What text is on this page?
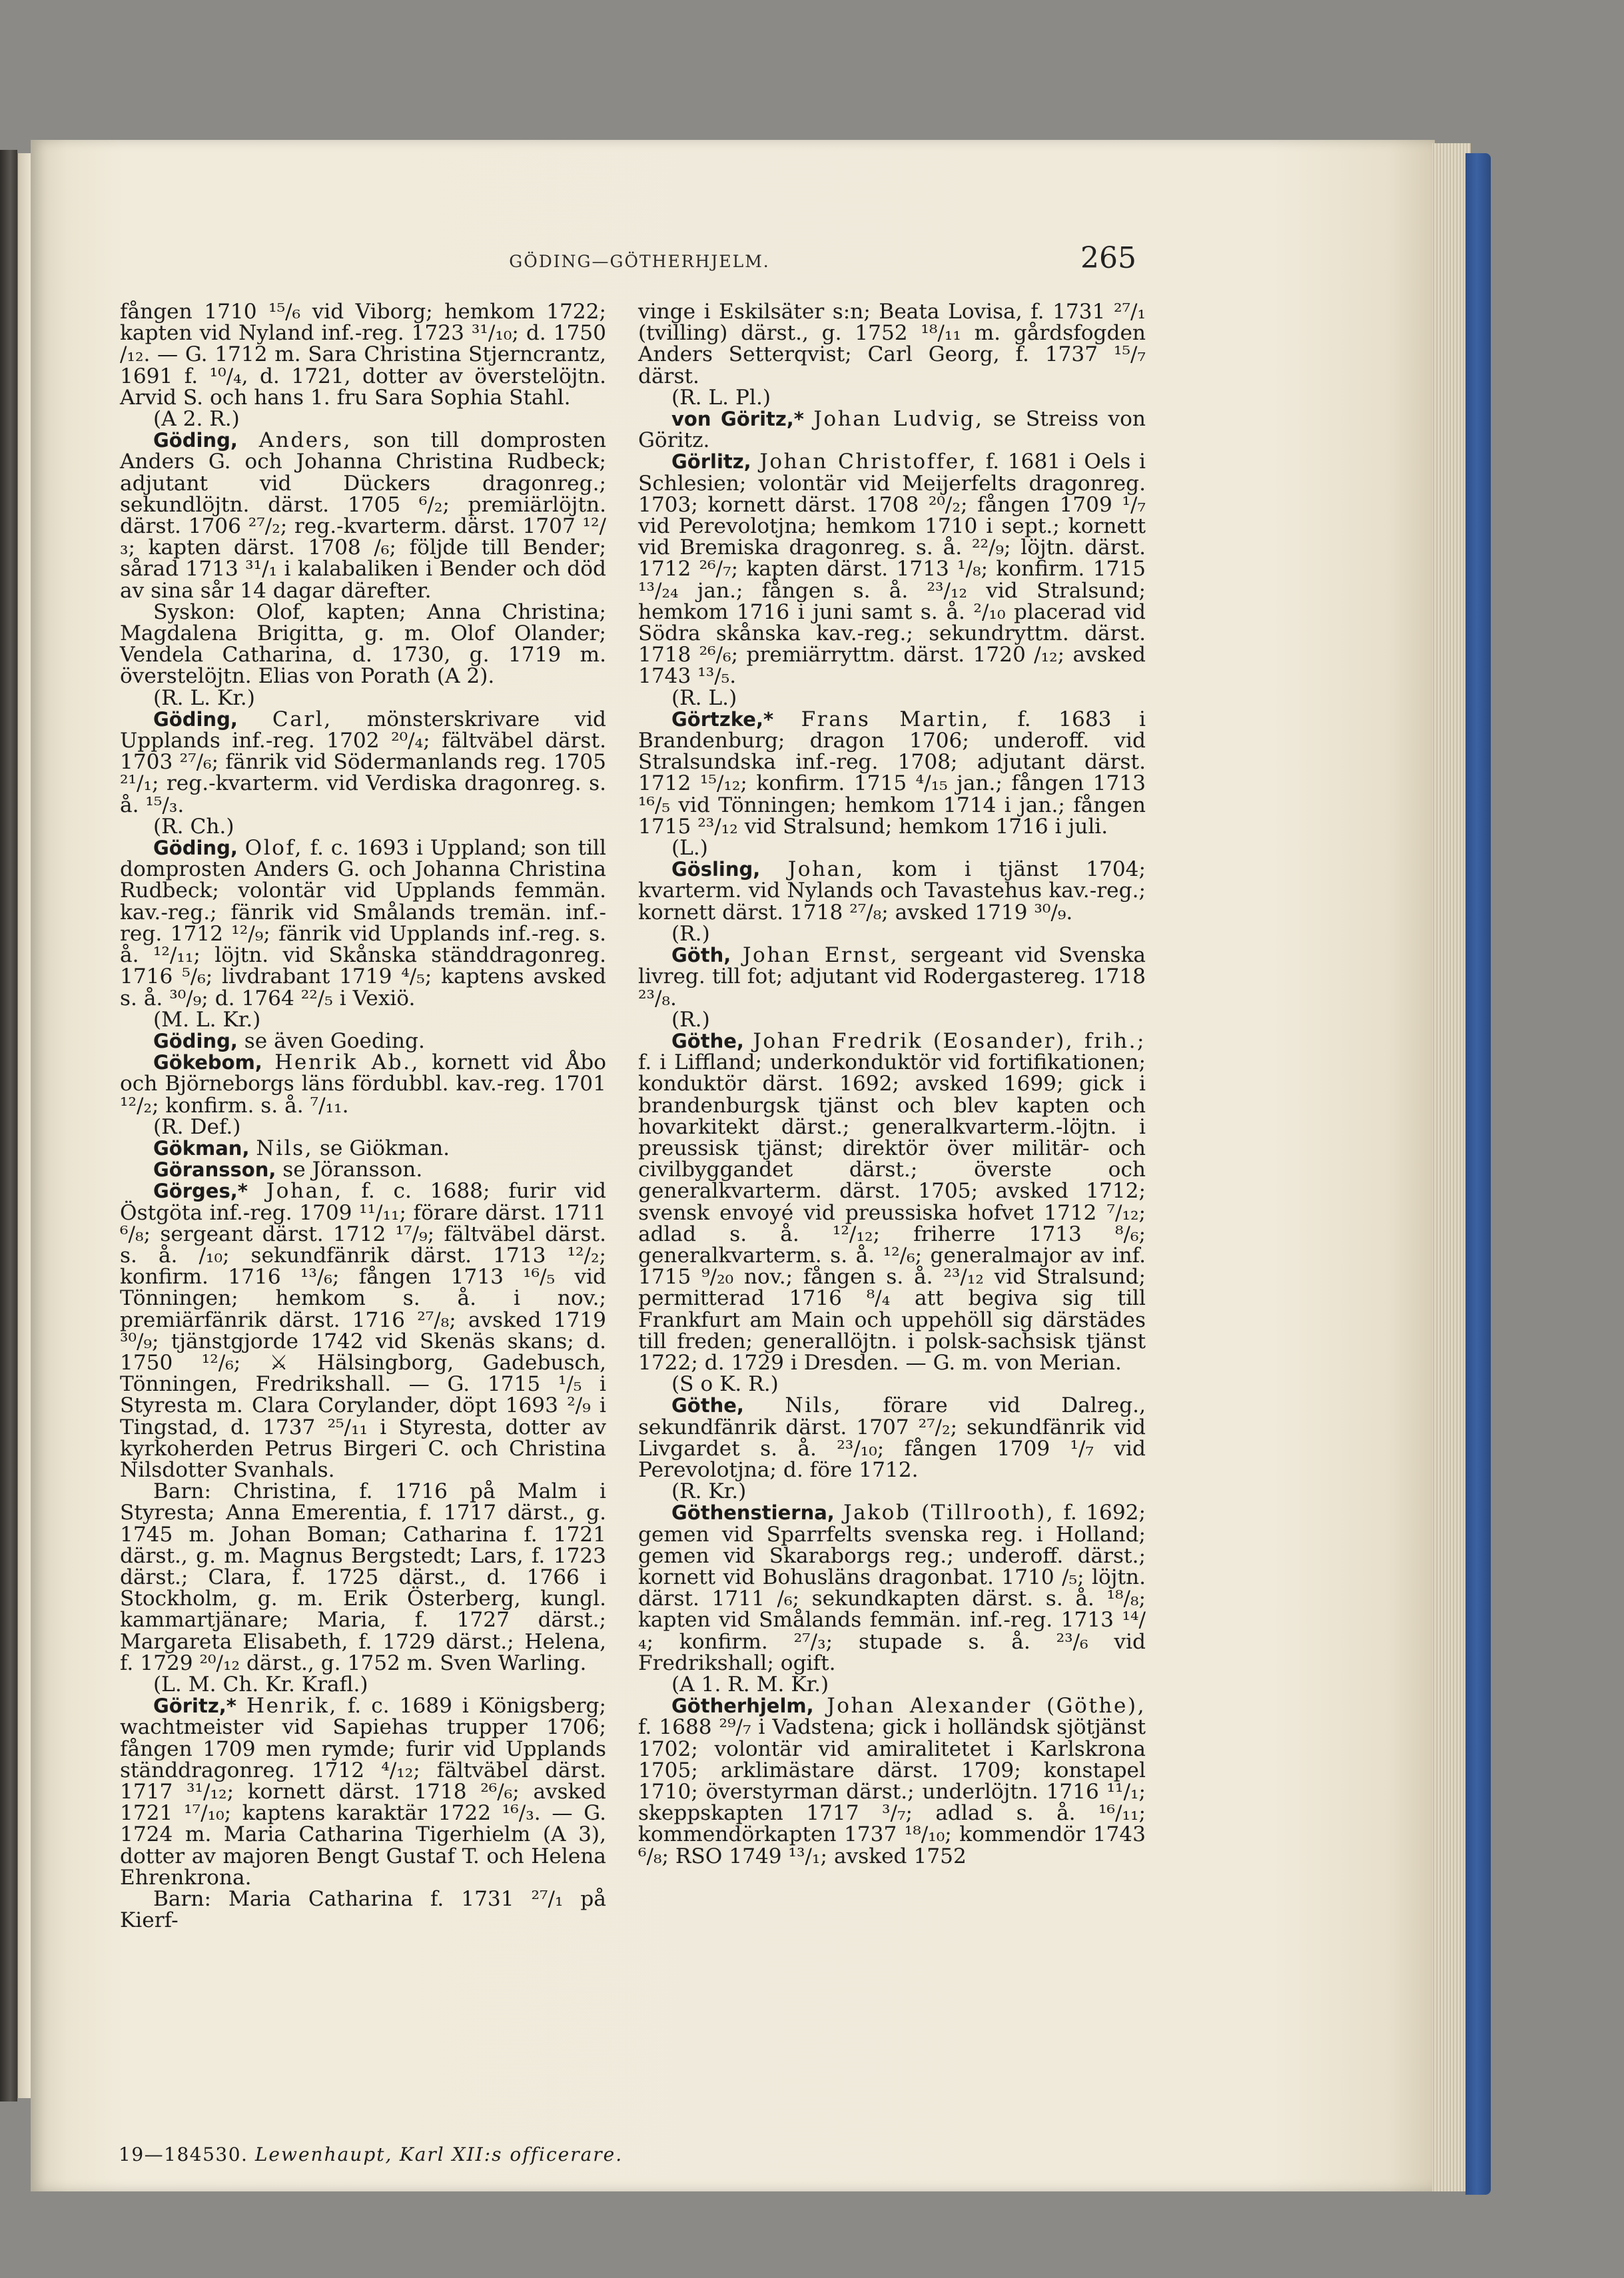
GÖDING—GÖTHERHJELM.	265

fången 1710 ¹⁵/₆ vid Viborg; hemkom 1722; kapten vid Nyland inf.-reg. 1723 ³¹/₁₀; d. 1750 /₁₂. — G. 1712 m. Sara Christina Stjerncrantz, 1691 f. ¹⁰/₄, d. 1721, dotter av överstelöjtn. Arvid S. och hans 1. fru Sara Sophia Stahl.

(A 2. R.)

Göding, Anders, son till domprosten Anders G. och Johanna Christina Rudbeck; adjutant vid Dückers dragonreg.; sekundlöjtn. därst. 1705 ⁶/₂; premiärlöjtn. därst. 1706 ²⁷/₂; reg.-kvarterm. därst. 1707 ¹²/₃; kapten därst. 1708 /₆; följde till Bender; sårad 1713 ³¹/₁ i kalabaliken i Bender och död av sina sår 14 dagar därefter.

Syskon: Olof, kapten; Anna Christina; Magdalena Brigitta, g. m. Olof Olander; Vendela Catharina, d. 1730, g. 1719 m. överstelöjtn. Elias von Porath (A 2).

(R. L. Kr.)

Göding, Carl, mönsterskrivare vid Upplands inf.-reg. 1702 ²⁰/₄; fältväbel därst. 1703 ²⁷/₆; fänrik vid Södermanlands reg. 1705 ²¹/₁; reg.-kvarterm. vid Verdiska dragonreg. s. å. ¹⁵/₃.

(R. Ch.)

Göding, Olof, f. c. 1693 i Uppland; son till domprosten Anders G. och Johanna Christina Rudbeck; volontär vid Upplands femmän. kav.-reg.; fänrik vid Smålands tremän. inf.-reg. 1712 ¹²/₉; fänrik vid Upplands inf.-reg. s. å. ¹²/₁₁; löjtn. vid Skånska ständdragonreg. 1716 ⁵/₆; livdrabant 1719 ⁴/₅; kaptens avsked s. å. ³⁰/₉; d. 1764 ²²/₅ i Vexiö.

(M. L. Kr.)

Göding, se även Goeding.

Gökebom, Henrik Ab., kornett vid Åbo och Björneborgs läns fördubbl. kav.-reg. 1701 ¹²/₂; konfirm. s. å. ⁷/₁₁.

(R. Def.)

Gökman, Nils, se Giökman.

Göransson, se Jöransson.

Görges,* Johan, f. c. 1688; furir vid Östgöta inf.-reg. 1709 ¹¹/₁₁; förare därst. 1711 ⁶/₈; sergeant därst. 1712 ¹⁷/₉; fältväbel därst. s. å. /₁₀; sekundfänrik därst. 1713 ¹²/₂; konfirm. 1716 ¹³/₆; fången 1713 ¹⁶/₅ vid Tönningen; hemkom s. å. i nov.; premiärfänrik därst. 1716 ²⁷/₈; avsked 1719 ³⁰/₉; tjänstgjorde 1742 vid Skenäs skans; d. 1750 ¹²/₆; ⚔ Hälsingborg, Gadebusch, Tönningen, Fredrikshall. — G. 1715 ¹/₅ i Styresta m. Clara Corylander, döpt 1693 ²/₉ i Tingstad, d. 1737 ²⁵/₁₁ i Styresta, dotter av kyrkoherden Petrus Birgeri C. och Christina Nilsdotter Svanhals.

Barn: Christina, f. 1716 på Malm i Styresta; Anna Emerentia, f. 1717 därst., g. 1745 m. Johan Boman; Catharina f. 1721 därst., g. m. Magnus Bergstedt; Lars, f. 1723 därst.; Clara, f. 1725 därst., d. 1766 i Stockholm, g. m. Erik Österberg, kungl. kammartjänare; Maria, f. 1727 därst.; Margareta Elisabeth, f. 1729 därst.; Helena, f. 1729 ²⁰/₁₂ därst., g. 1752 m. Sven Warling.

(L. M. Ch. Kr. Krafl.)

Göritz,* Henrik, f. c. 1689 i Königsberg; wachtmeister vid Sapiehas trupper 1706; fången 1709 men rymde; furir vid Upplands ständdragonreg. 1712 ⁴/₁₂; fältväbel därst. 1717 ³¹/₁₂; kornett därst. 1718 ²⁶/₆; avsked 1721 ¹⁷/₁₀; kaptens karaktär 1722 ¹⁶/₃. — G. 1724 m. Maria Catharina Tigerhielm (A 3), dotter av majoren Bengt Gustaf T. och Helena Ehrenkrona.

Barn: Maria Catharina f. 1731 ²⁷/₁ på Kierf-

vinge i Eskilsäter s:n; Beata Lovisa, f. 1731 ²⁷/₁ (tvilling) därst., g. 1752 ¹⁸/₁₁ m. gårdsfogden Anders Setterqvist; Carl Georg, f. 1737 ¹⁵/₇ därst.

(R. L. Pl.)

von Göritz,* Johan Ludvig, se Streiss von Göritz.

Görlitz, Johan Christoffer, f. 1681 i Oels i Schlesien; volontär vid Meijerfelts dragonreg. 1703; kornett därst. 1708 ²⁰/₂; fången 1709 ¹/₇ vid Perevolotjna; hemkom 1710 i sept.; kornett vid Bremiska dragonreg. s. å. ²²/₉; löjtn. därst. 1712 ²⁶/₇; kapten därst. 1713 ¹/₈; konfirm. 1715 ¹³/₂₄ jan.; fången s. å. ²³/₁₂ vid Stralsund; hemkom 1716 i juni samt s. å. ²/₁₀ placerad vid Södra skånska kav.-reg.; sekundryttm. därst. 1718 ²⁶/₆; premiärryttm. därst. 1720 /₁₂; avsked 1743 ¹³/₅.

(R. L.)

Görtzke,* Frans Martin, f. 1683 i Brandenburg; dragon 1706; underoff. vid Stralsundska inf.-reg. 1708; adjutant därst. 1712 ¹⁵/₁₂; konfirm. 1715 ⁴/₁₅ jan.; fången 1713 ¹⁶/₅ vid Tönningen; hemkom 1714 i jan.; fången 1715 ²³/₁₂ vid Stralsund; hemkom 1716 i juli.

(L.)

Gösling, Johan, kom i tjänst 1704; kvarterm. vid Nylands och Tavastehus kav.-reg.; kornett därst. 1718 ²⁷/₈; avsked 1719 ³⁰/₉.

(R.)

Göth, Johan Ernst, sergeant vid Svenska livreg. till fot; adjutant vid Rodergastereg. 1718 ²³/₈.

(R.)

Göthe, Johan Fredrik (Eosander), frih.; f. i Liffland; underkonduktör vid fortifikationen; konduktör därst. 1692; avsked 1699; gick i brandenburgsk tjänst och blev kapten och hovarkitekt därst.; generalkvarterm.-löjtn. i preussisk tjänst; direktör över militär- och civilbyggandet därst.; överste och generalkvarterm. därst. 1705; avsked 1712; svensk envoyé vid preussiska hofvet 1712 ⁷/₁₂; adlad s. å. ¹²/₁₂; friherre 1713 ⁸/₆; generalkvarterm. s. å. ¹²/₆; generalmajor av inf. 1715 ⁹/₂₀ nov.; fången s. å. ²³/₁₂ vid Stralsund; permitterad 1716 ⁸/₄ att begiva sig till Frankfurt am Main och uppehöll sig därstädes till freden; generallöjtn. i polsk-sachsisk tjänst 1722; d. 1729 i Dresden. — G. m. von Merian.

(S o K. R.)

Göthe, Nils, förare vid Dalreg., sekundfänrik därst. 1707 ²⁷/₂; sekundfänrik vid Livgardet s. å. ²³/₁₀; fången 1709 ¹/₇ vid Perevolotjna; d. före 1712.

(R. Kr.)

Göthenstierna, Jakob (Tillrooth), f. 1692; gemen vid Sparrfelts svenska reg. i Holland; gemen vid Skaraborgs reg.; underoff. därst.; kornett vid Bohusläns dragonbat. 1710 /₅; löjtn. därst. 1711 /₆; sekundkapten därst. s. å. ¹⁸/₈; kapten vid Smålands femmän. inf.-reg. 1713 ¹⁴/₄; konfirm. ²⁷/₃; stupade s. å. ²³/₆ vid Fredrikshall; ogift.

(A 1. R. M. Kr.)

Götherhjelm, Johan Alexander (Göthe), f. 1688 ²⁹/₇ i Vadstena; gick i holländsk sjötjänst 1702; volontär vid amiralitetet i Karlskrona 1705; arklimästare därst. 1709; konstapel 1710; överstyrman därst.; underlöjtn. 1716 ¹¹/₁; skeppskapten 1717 ³/₇; adlad s. å. ¹⁶/₁₁; kommendörkapten 1737 ¹⁸/₁₀; kommendör 1743 ⁶/₈; RSO 1749 ¹³/₁; avsked 1752

19—184530. Lewenhaupt, Karl XII:s officerare.
